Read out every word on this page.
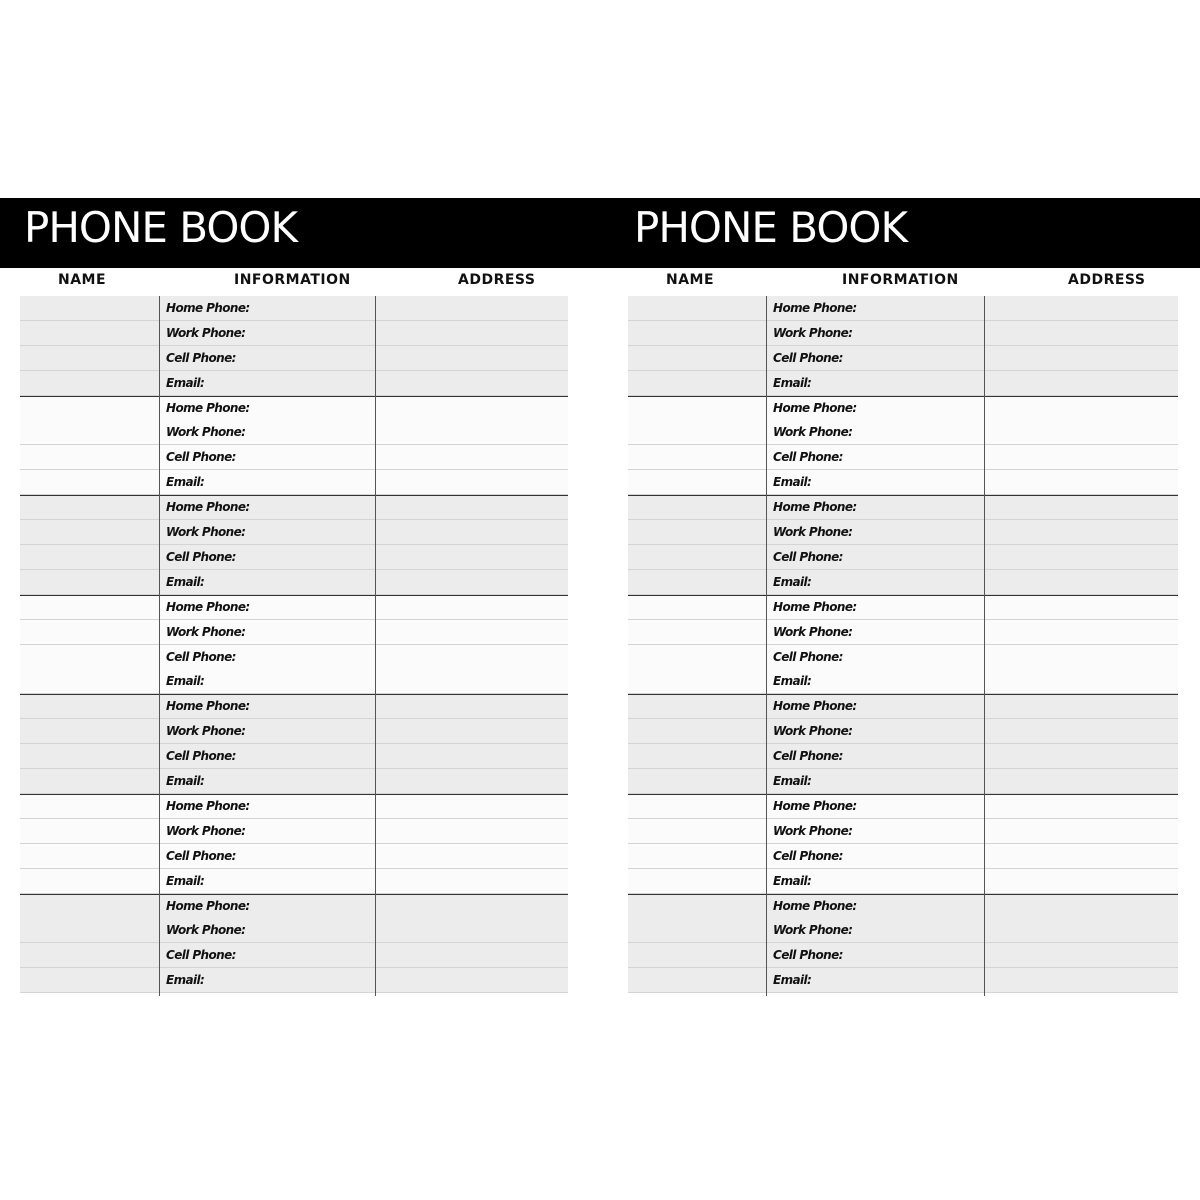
PHONE BOOK	PHONE BOOK
NAME	INFORMATION	ADDRESS
Home Phone:
Work Phone:
Cell Phone:
Email:
Home Phone:
Work Phone:
Cell Phone:
Email:
Home Phone:
Work Phone:
Cell Phone:
Email:
Home Phone:
Work Phone:
Cell Phone:
Email:
Home Phone:
Work Phone:
Cell Phone:
Email:
Home Phone:
Work Phone:
Cell Phone:
Email:
Home Phone:
Work Phone:
Cell Phone:
Email:
NAME	INFORMATION	ADDRESS
Home Phone:
Work Phone:
Cell Phone:
Email:
Home Phone:
Work Phone:
Cell Phone:
Email:
Home Phone:
Work Phone:
Cell Phone:
Email:
Home Phone:
Work Phone:
Cell Phone:
Email:
Home Phone:
Work Phone:
Cell Phone:
Email:
Home Phone:
Work Phone:
Cell Phone:
Email:
Home Phone:
Work Phone:
Cell Phone:
Email:
